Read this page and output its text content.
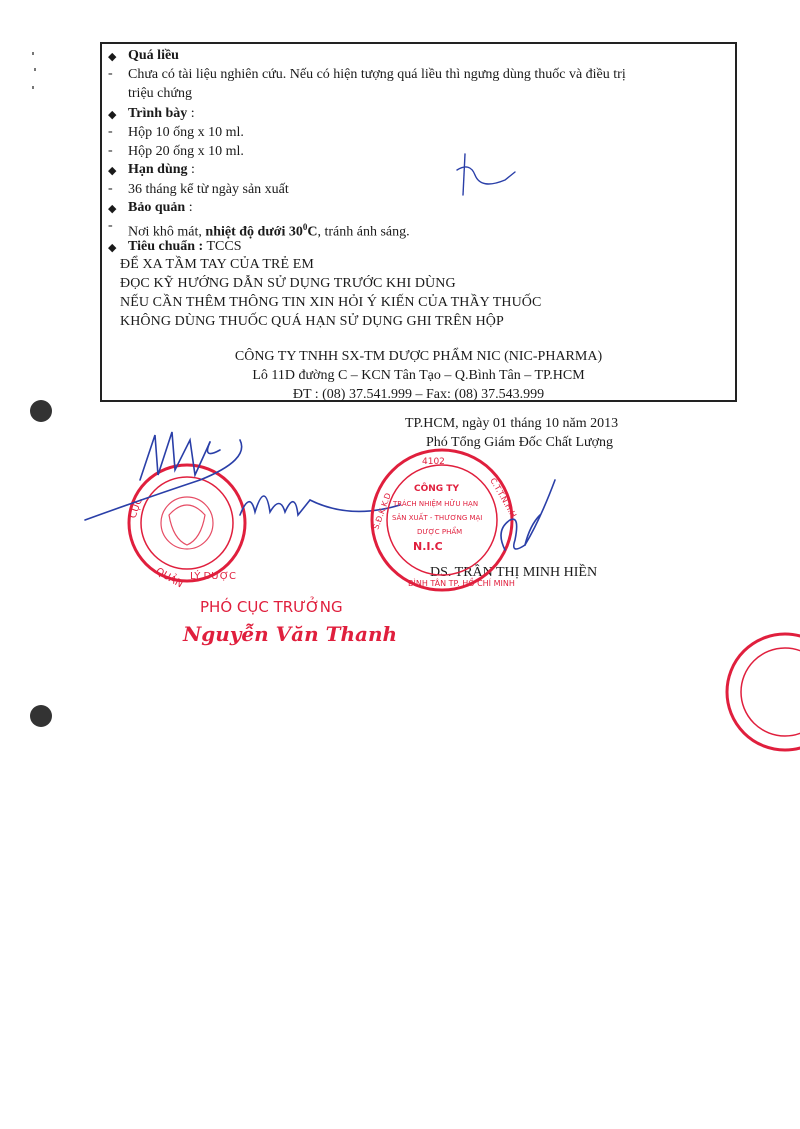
◆ Quá liều
- Chưa có tài liệu nghiên cứu. Nếu có hiện tượng quá liều thì ngưng dùng thuốc và điều trị
triệu chứng
◆ Trình bày :
- Hộp 10 ống x 10 ml.
- Hộp 20 ống x 10 ml.
◆ Hạn dùng :
- 36 tháng kể từ ngày sản xuất
◆ Bảo quản :
- Nơi khô mát, nhiệt độ dưới $30^0C$, tránh ánh sáng.
◆ Tiêu chuẩn : TCCS
ĐỂ XA TẦM TAY CỦA TRẺ EM
ĐỌC KỸ HƯỚNG DẪN SỬ DỤNG TRƯỚC KHI DÙNG
NẾU CẦN THÊM THÔNG TIN XIN HỎI Ý KIẾN CỦA THẦY THUỐC
KHÔNG DÙNG THUỐC QUÁ HẠN SỬ DỤNG GHI TRÊN HỘP
CÔNG TY TNHH SX-TM DƯỢC PHẨM NIC (NIC-PHARMA)
Lô 11D đường C – KCN Tân Tạo – Q.Bình Tân – TP.HCM
ĐT : (08) 37.541.999 – Fax: (08) 37.543.999
TP.HCM, ngày 01 tháng 10 năm 2013
Phó Tổng Giám Đốc Chất Lượng
DS. TRẦN THỊ MINH HIỀN
CỤC
QUẢN LÝ DƯỢC
4102
S.Đ.K.K.D	C.T.T.N.H.H
BÌNH TÂN TP. HỒ CHÍ MINH
CÔNG TY
TRÁCH NHIỆM HỮU HẠN
SẢN XUẤT - THƯƠNG MẠI
DƯỢC PHẨM
N.I.C
PHÓ CỤC TRƯỞNG
Nguyễn Văn Thanh
